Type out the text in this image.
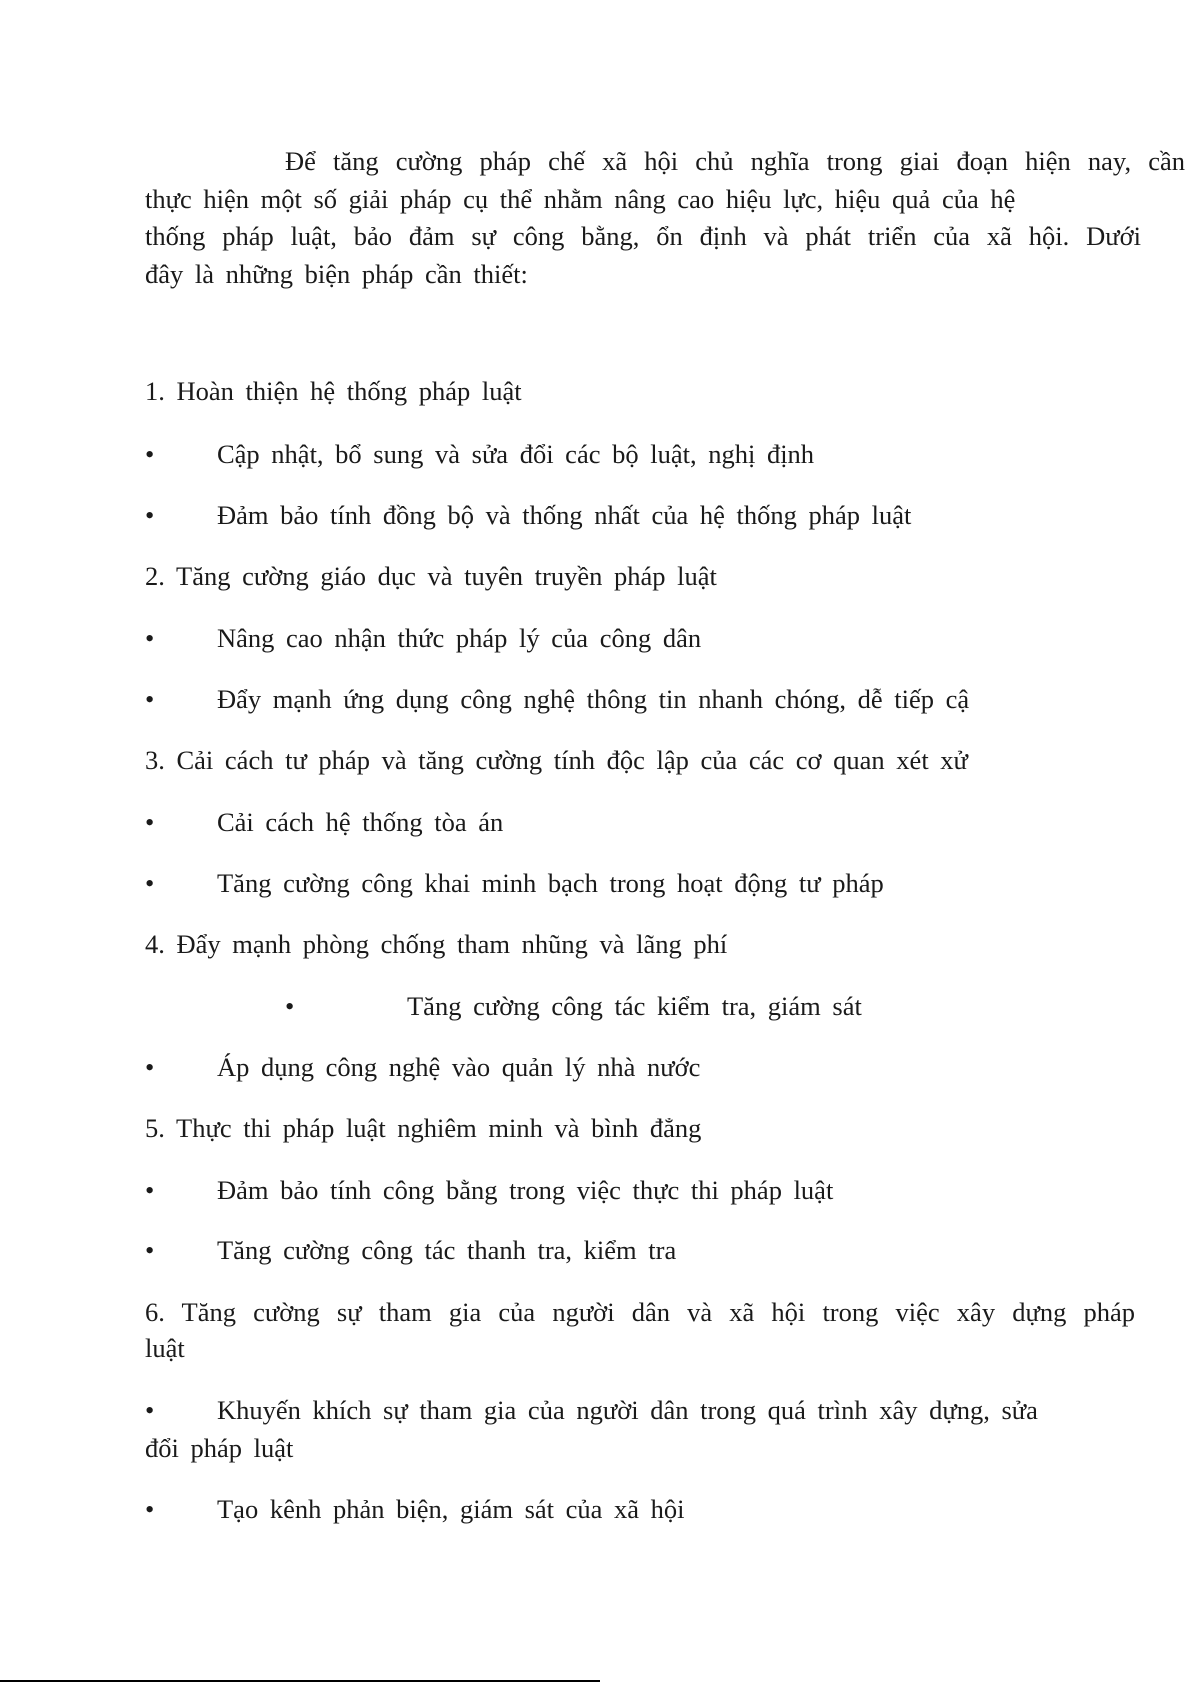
Để tăng cường pháp chế xã hội chủ nghĩa trong giai đoạn hiện nay, cần
thực hiện một số giải pháp cụ thể nhằm nâng cao hiệu lực, hiệu quả của hệ
thống pháp luật, bảo đảm sự công bằng, ổn định và phát triển của xã hội. Dưới
đây là những biện pháp cần thiết:

1. Hoàn thiện hệ thống pháp luật

• Cập nhật, bổ sung và sửa đổi các bộ luật, nghị định
• Đảm bảo tính đồng bộ và thống nhất của hệ thống pháp luật

2. Tăng cường giáo dục và tuyên truyền pháp luật

• Nâng cao nhận thức pháp lý của công dân
• Đẩy mạnh ứng dụng công nghệ thông tin nhanh chóng, dễ tiếp cậ

3. Cải cách tư pháp và tăng cường tính độc lập của các cơ quan xét xử

• Cải cách hệ thống tòa án
• Tăng cường công khai minh bạch trong hoạt động tư pháp

4. Đẩy mạnh phòng chống tham nhũng và lãng phí

•	Tăng cường công tác kiểm tra, giám sát
• Áp dụng công nghệ vào quản lý nhà nước

5. Thực thi pháp luật nghiêm minh và bình đẳng

• Đảm bảo tính công bằng trong việc thực thi pháp luật
• Tăng cường công tác thanh tra, kiểm tra

6. Tăng cường sự tham gia của người dân và xã hội trong việc xây dựng pháp

luật

• Khuyến khích sự tham gia của người dân trong quá trình xây dựng, sửa

đổi pháp luật

• Tạo kênh phản biện, giám sát của xã hội
